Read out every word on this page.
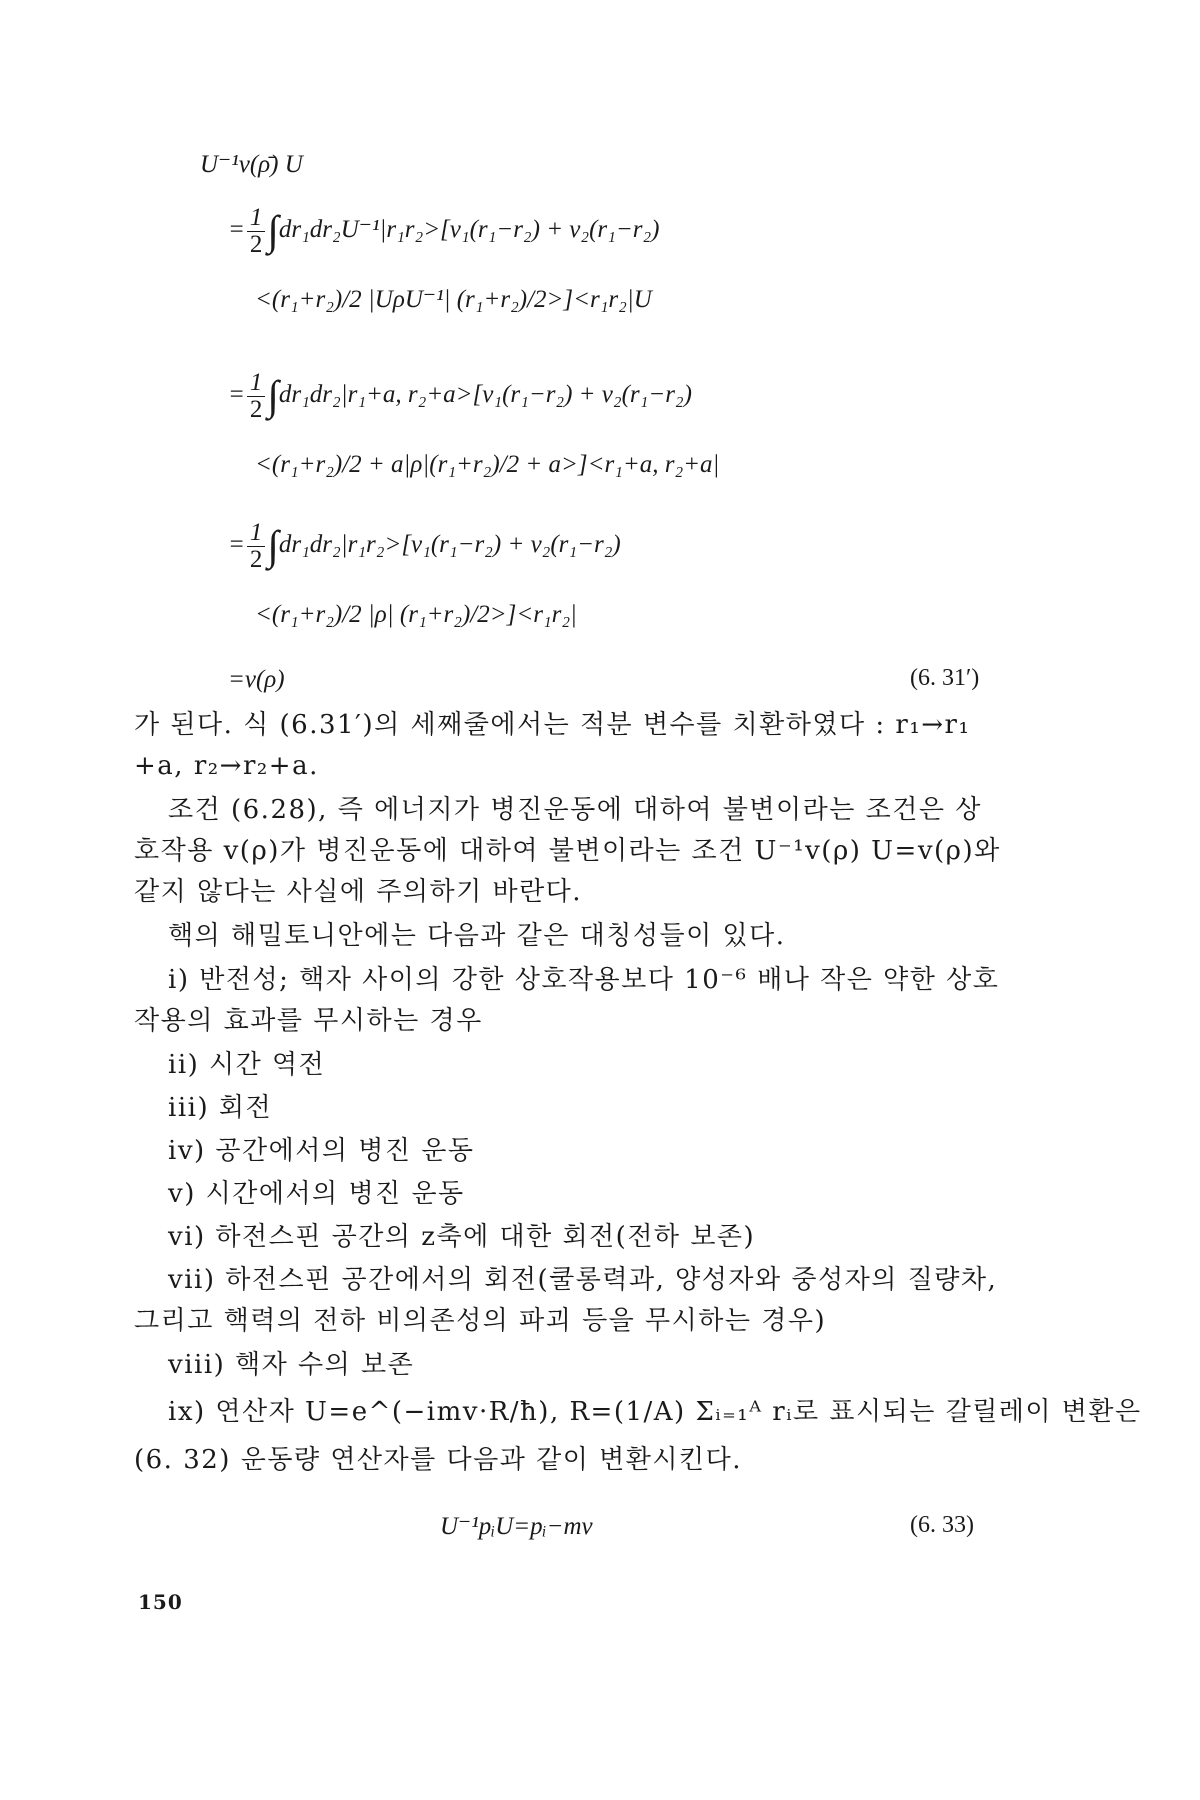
U⁻¹v(ρ̄) U
= $\frac{1}{2} \int dr_1dr_2U^{-1}|r_1r_2>[v_1(r_1-r_2) + v_2(r_1-r_2)$
<(r₁+r₂)/2 |UρU⁻¹| (r₁+r₂)/2>]<r₁r₂|U
= $\frac{1}{2} \int dr_1dr_2|r_1+a$, r₂+a>[v₁(r₁−r₂) + v₂(r₁−r₂)
<(r₁+r₂)/2 + a|ρ|(r₁+r₂)/2 + a>]<r₁+a, r₂+a|
= $\frac{1}{2} \int dr_1dr_2|r_1r_2>[v_1(r_1-r_2) + v_2(r_1-r_2)$
<(r₁+r₂)/2 |ρ| (r₁+r₂)/2>]<r₁r₂|
=v(ρ)	(6. 31′)
가 된다. 식 (6.31′)의 세째줄에서는 적분 변수를 치환하였다 : r₁→r₁
+a, r₂→r₂+a.
조건 (6.28), 즉 에너지가 병진운동에 대하여 불변이라는 조건은 상
호작용 v(ρ)가 병진운동에 대하여 불변이라는 조건 U⁻¹v(ρ) U=v(ρ)와
같지 않다는 사실에 주의하기 바란다.
핵의 해밀토니안에는 다음과 같은 대칭성들이 있다.
i) 반전성; 핵자 사이의 강한 상호작용보다 10⁻⁶ 배나 작은 약한 상호
작용의 효과를 무시하는 경우
ii) 시간 역전
iii) 회전
iv) 공간에서의 병진 운동
v) 시간에서의 병진 운동
vi) 하전스핀 공간의 z축에 대한 회전(전하 보존)
vii) 하전스핀 공간에서의 회전(쿨롱력과, 양성자와 중성자의 질량차,
그리고 핵력의 전하 비의존성의 파괴 등을 무시하는 경우)
viii) 핵자 수의 보존
ix) 연산자 U=e^(−imv·R/ħ), R=(1/A) Σᵢ₌₁ᴬ rᵢ로 표시되는 갈릴레이 변환은
(6. 32) 운동량 연산자를 다음과 같이 변환시킨다.
U⁻¹pᵢU=pᵢ−mv	(6. 33)
150
